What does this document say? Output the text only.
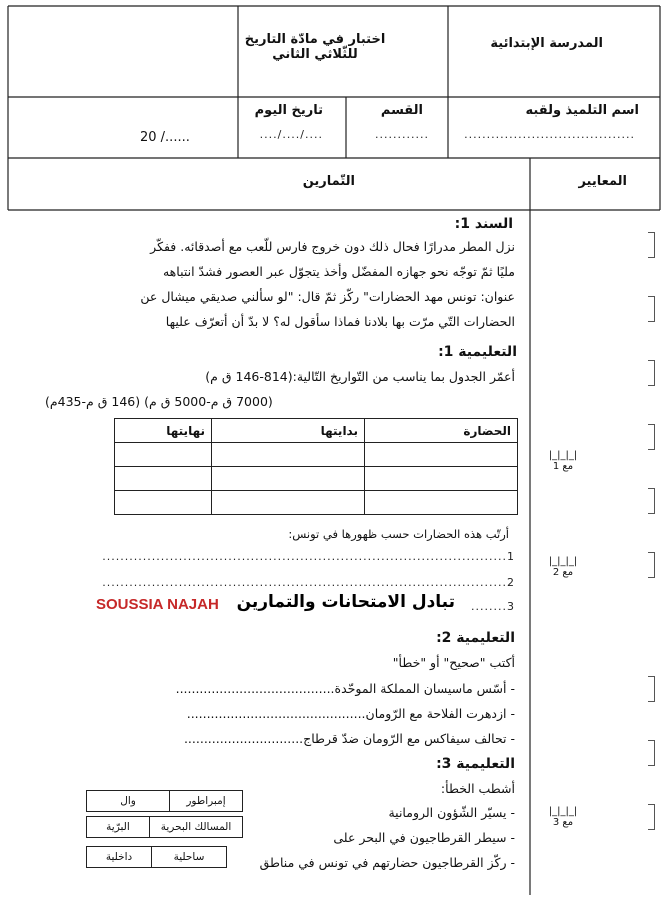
المدرسة الإبتدائية
اختبار في مادّة التاريخ
للثّلاثي الثاني
اسم التلميذ ولقبه
......................................
القسم
............
تاريخ اليوم
..../..../....
20 /......
المعايير
التّمارين
السند 1:
نزل المطر مدرارًا فحال ذلك دون خروج فارس للّعب مع أصدقائه. ففكّر
مليًا ثمّ توجّه نحو جهازه المفضّل وأخذ يتجوّل عبر العصور فشدّ انتباهه
عنوان: تونس مهد الحضارات" ركّز ثمّ قال: "لو سألني صديقي ميشال عن
الحضارات التّي مرّت بها بلادنا فماذا سأقول له؟ لا بدّ أن أتعرّف عليها
التعليمية 1:
أعمّر الجدول بما يناسب من التّواريخ التّالية:(814-146 ق م)
(7000 ق م-5000 ق م) (146 ق م-435م)
الحضارة	بدايتها	نهايتها

أرتّب هذه الحضارات حسب ظهورها في تونس:
1..........................................................................................
2..........................................................................................
3........
تبادل الامتحانات والتمارين
SOUSSIA NAJAH
التعليمية 2:
أكتب "صحيح" أو "خطأ"
- أسّس ماسيسان المملكة الموحّدة........................................
- ازدهرت الفلاحة مع الرّومان.............................................
- تحالف سيفاكس مع الرّومان ضدّ قرطاج..............................
التعليمية 3:
أشطب الخطأ:
- يسيّر الشّؤون الرومانية
- سيطر القرطاجيون في البحر على
- ركّز القرطاجيون حضارتهم في تونس في مناطق
إمبراطور	وال
المسالك البحرية	البرّية
ساحلية	داخلية
|_|_|_|
مع 1
|_|_|_|
مع 2
|_|_|_|
مع 3
